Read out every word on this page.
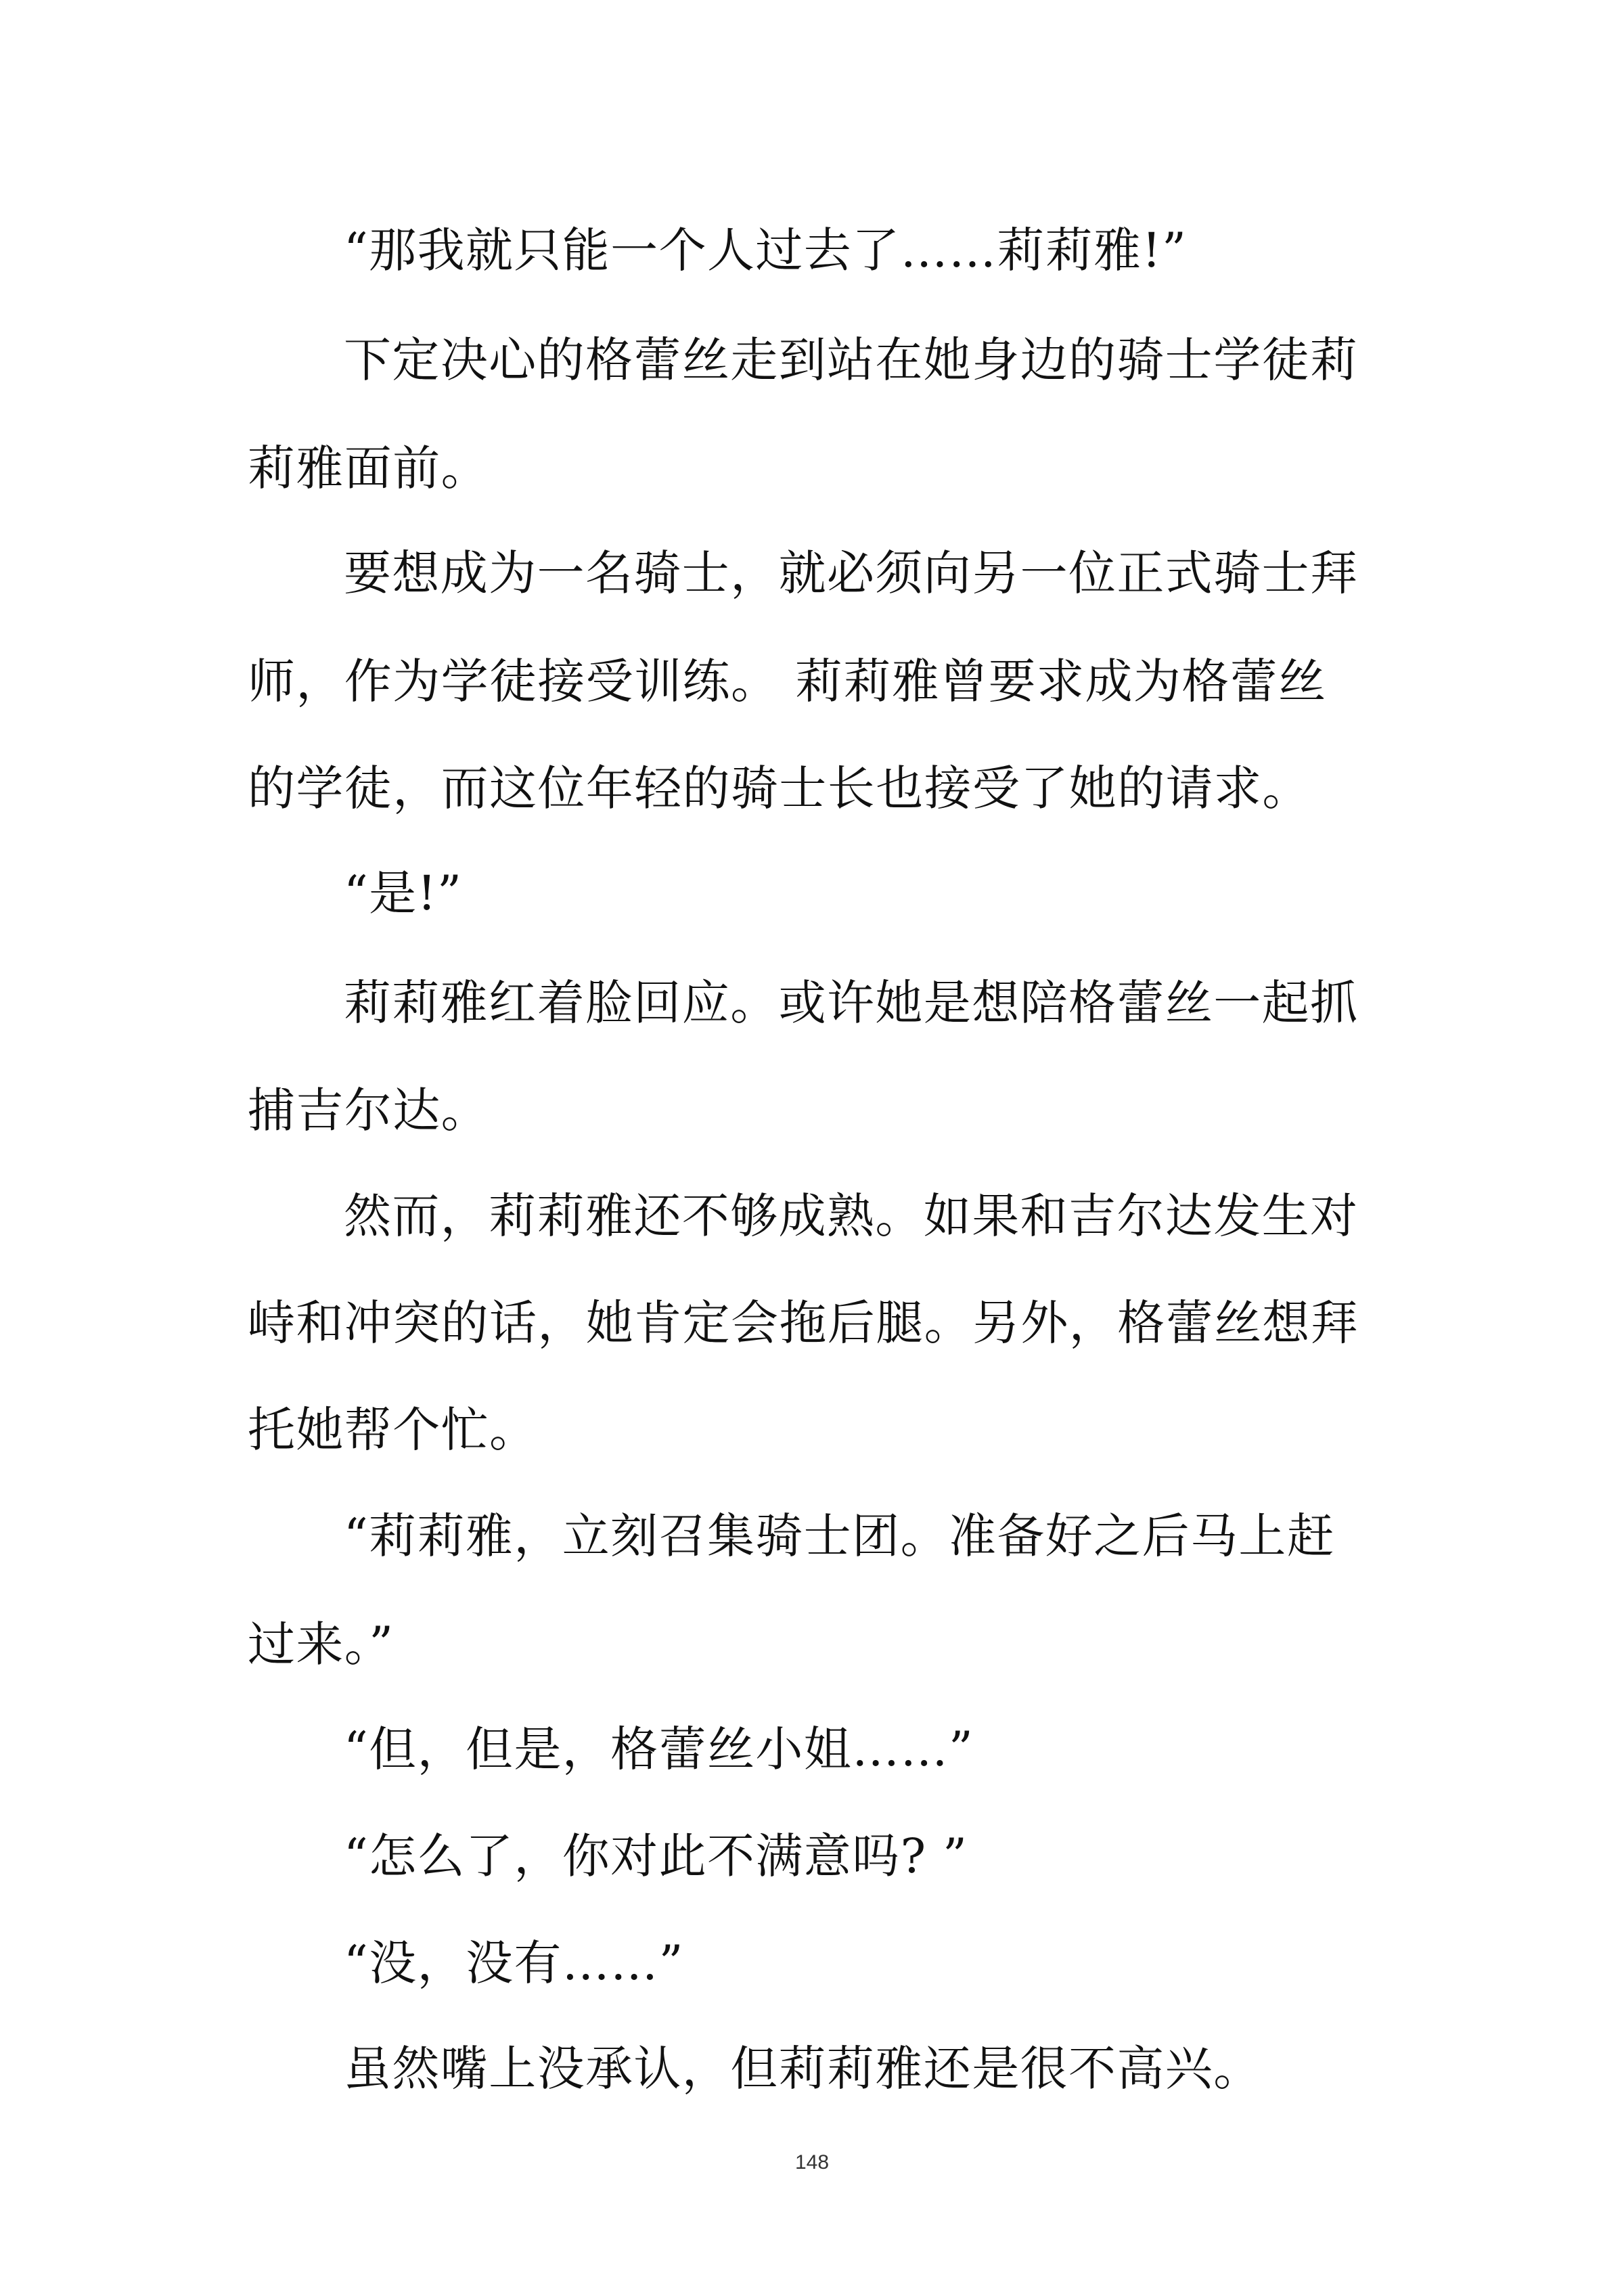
“那我就只能一个人过去了……莉莉雅!”
下定决心的格蕾丝走到站在她身边的骑士学徒莉
莉雅面前。
要想成为一名骑士，就必须向另一位正式骑士拜
师，作为学徒接受训练。 莉莉雅曾要求成为格蕾丝
的学徒，而这位年轻的骑士长也接受了她的请求。
“是!”
莉莉雅红着脸回应。或许她是想陪格蕾丝一起抓
捕吉尔达。
然而，莉莉雅还不够成熟。如果和吉尔达发生对
峙和冲突的话，她肯定会拖后腿。另外，格蕾丝想拜
托她帮个忙。
“莉莉雅，立刻召集骑士团。准备好之后马上赶
过来。”
“但，但是，格蕾丝小姐……”
“怎么了，你对此不满意吗? ”
“没，没有……”
虽然嘴上没承认，但莉莉雅还是很不高兴。
148
